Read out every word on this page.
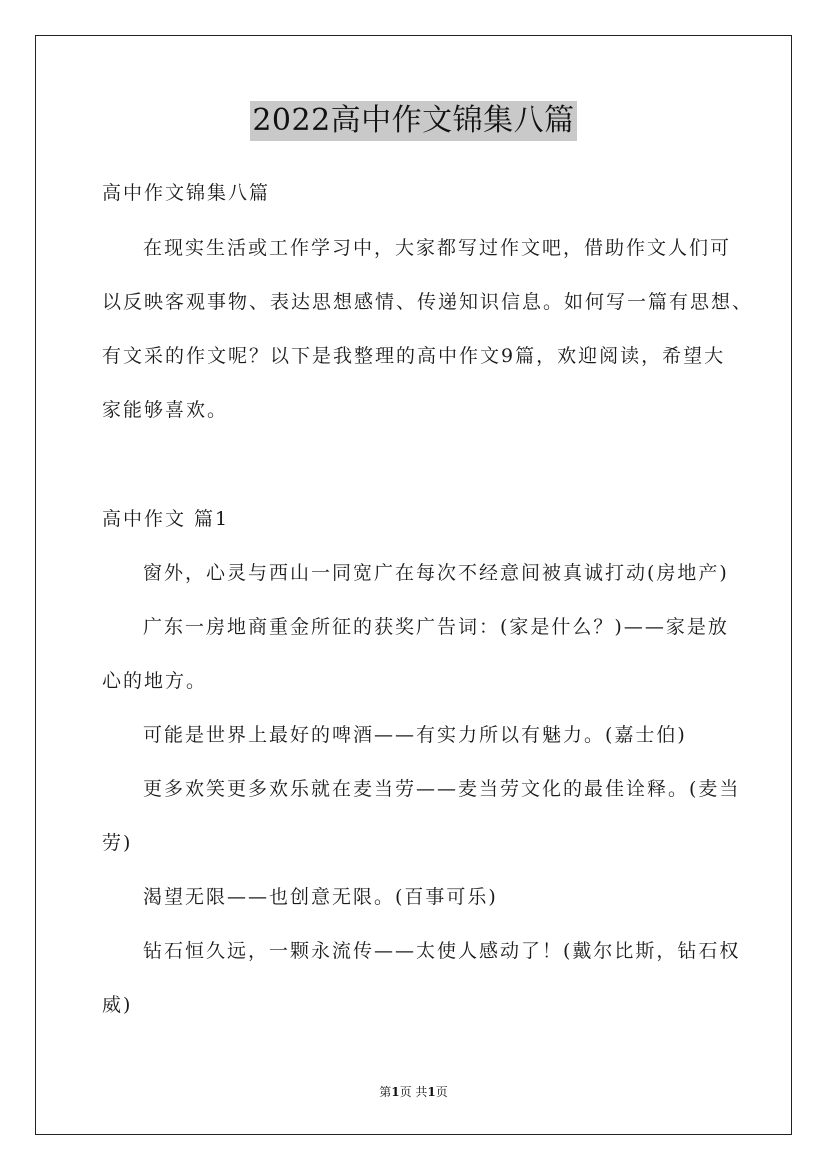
2022高中作文锦集八篇
高中作文锦集八篇
在现实生活或工作学习中，大家都写过作文吧，借助作文人们可
以反映客观事物、表达思想感情、传递知识信息。如何写一篇有思想、
有文采的作文呢？以下是我整理的高中作文9篇，欢迎阅读，希望大
家能够喜欢。
高中作文 篇1
窗外，心灵与西山一同宽广在每次不经意间被真诚打动(房地产)
广东一房地商重金所征的获奖广告词：(家是什么？)——家是放
心的地方。
可能是世界上最好的啤酒——有实力所以有魅力。(嘉士伯)
更多欢笑更多欢乐就在麦当劳——麦当劳文化的最佳诠释。(麦当
劳)
渴望无限——也创意无限。(百事可乐)
钻石恒久远，一颗永流传——太使人感动了！(戴尔比斯，钻石权
威)
第1页 共1页
